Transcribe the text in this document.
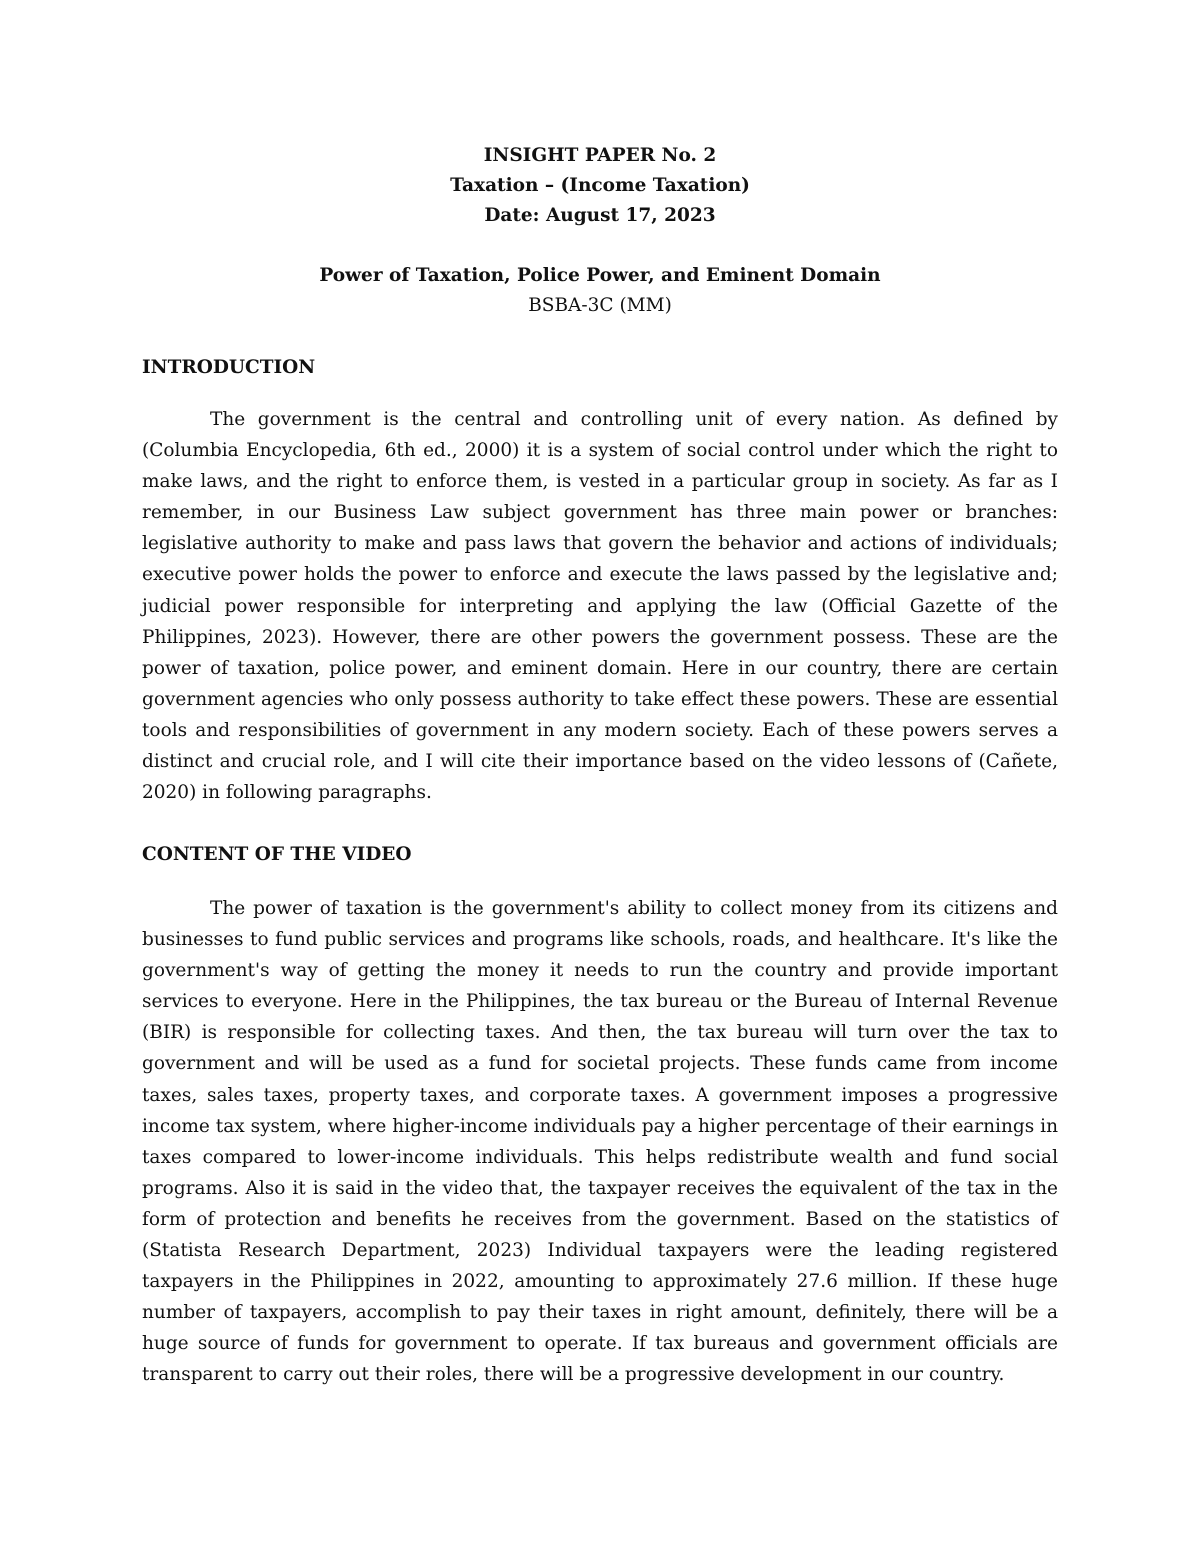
INSIGHT PAPER No. 2
Taxation – (Income Taxation)
Date: August 17, 2023
Power of Taxation, Police Power, and Eminent Domain
BSBA-3C (MM)
INTRODUCTION

The government is the central and controlling unit of every nation. As defined by (Columbia Encyclopedia, 6th ed., 2000) it is a system of social control under which the right to make laws, and the right to enforce them, is vested in a particular group in society. As far as I remember, in our Business Law subject government has three main power or branches: legislative authority to make and pass laws that govern the behavior and actions of individuals; executive power holds the power to enforce and execute the laws passed by the legislative and; judicial power responsible for interpreting and applying the law (Official Gazette of the Philippines, 2023). However, there are other powers the government possess. These are the power of taxation, police power, and eminent domain. Here in our country, there are certain government agencies who only possess authority to take effect these powers. These are essential tools and responsibilities of government in any modern society. Each of these powers serves a distinct and crucial role, and I will cite their importance based on the video lessons of (Cañete, 2020) in following paragraphs.

CONTENT OF THE VIDEO

The power of taxation is the government's ability to collect money from its citizens and businesses to fund public services and programs like schools, roads, and healthcare. It's like the government's way of getting the money it needs to run the country and provide important services to everyone. Here in the Philippines, the tax bureau or the Bureau of Internal Revenue (BIR) is responsible for collecting taxes. And then, the tax bureau will turn over the tax to government and will be used as a fund for societal projects. These funds came from income taxes, sales taxes, property taxes, and corporate taxes. A government imposes a progressive income tax system, where higher-income individuals pay a higher percentage of their earnings in taxes compared to lower-income individuals. This helps redistribute wealth and fund social programs. Also it is said in the video that, the taxpayer receives the equivalent of the tax in the form of protection and benefits he receives from the government. Based on the statistics of (Statista Research Department, 2023) Individual taxpayers were the leading registered taxpayers in the Philippines in 2022, amounting to approximately 27.6 million. If these huge number of taxpayers, accomplish to pay their taxes in right amount, definitely, there will be a huge source of funds for government to operate. If tax bureaus and government officials are transparent to carry out their roles, there will be a progressive development in our country.
